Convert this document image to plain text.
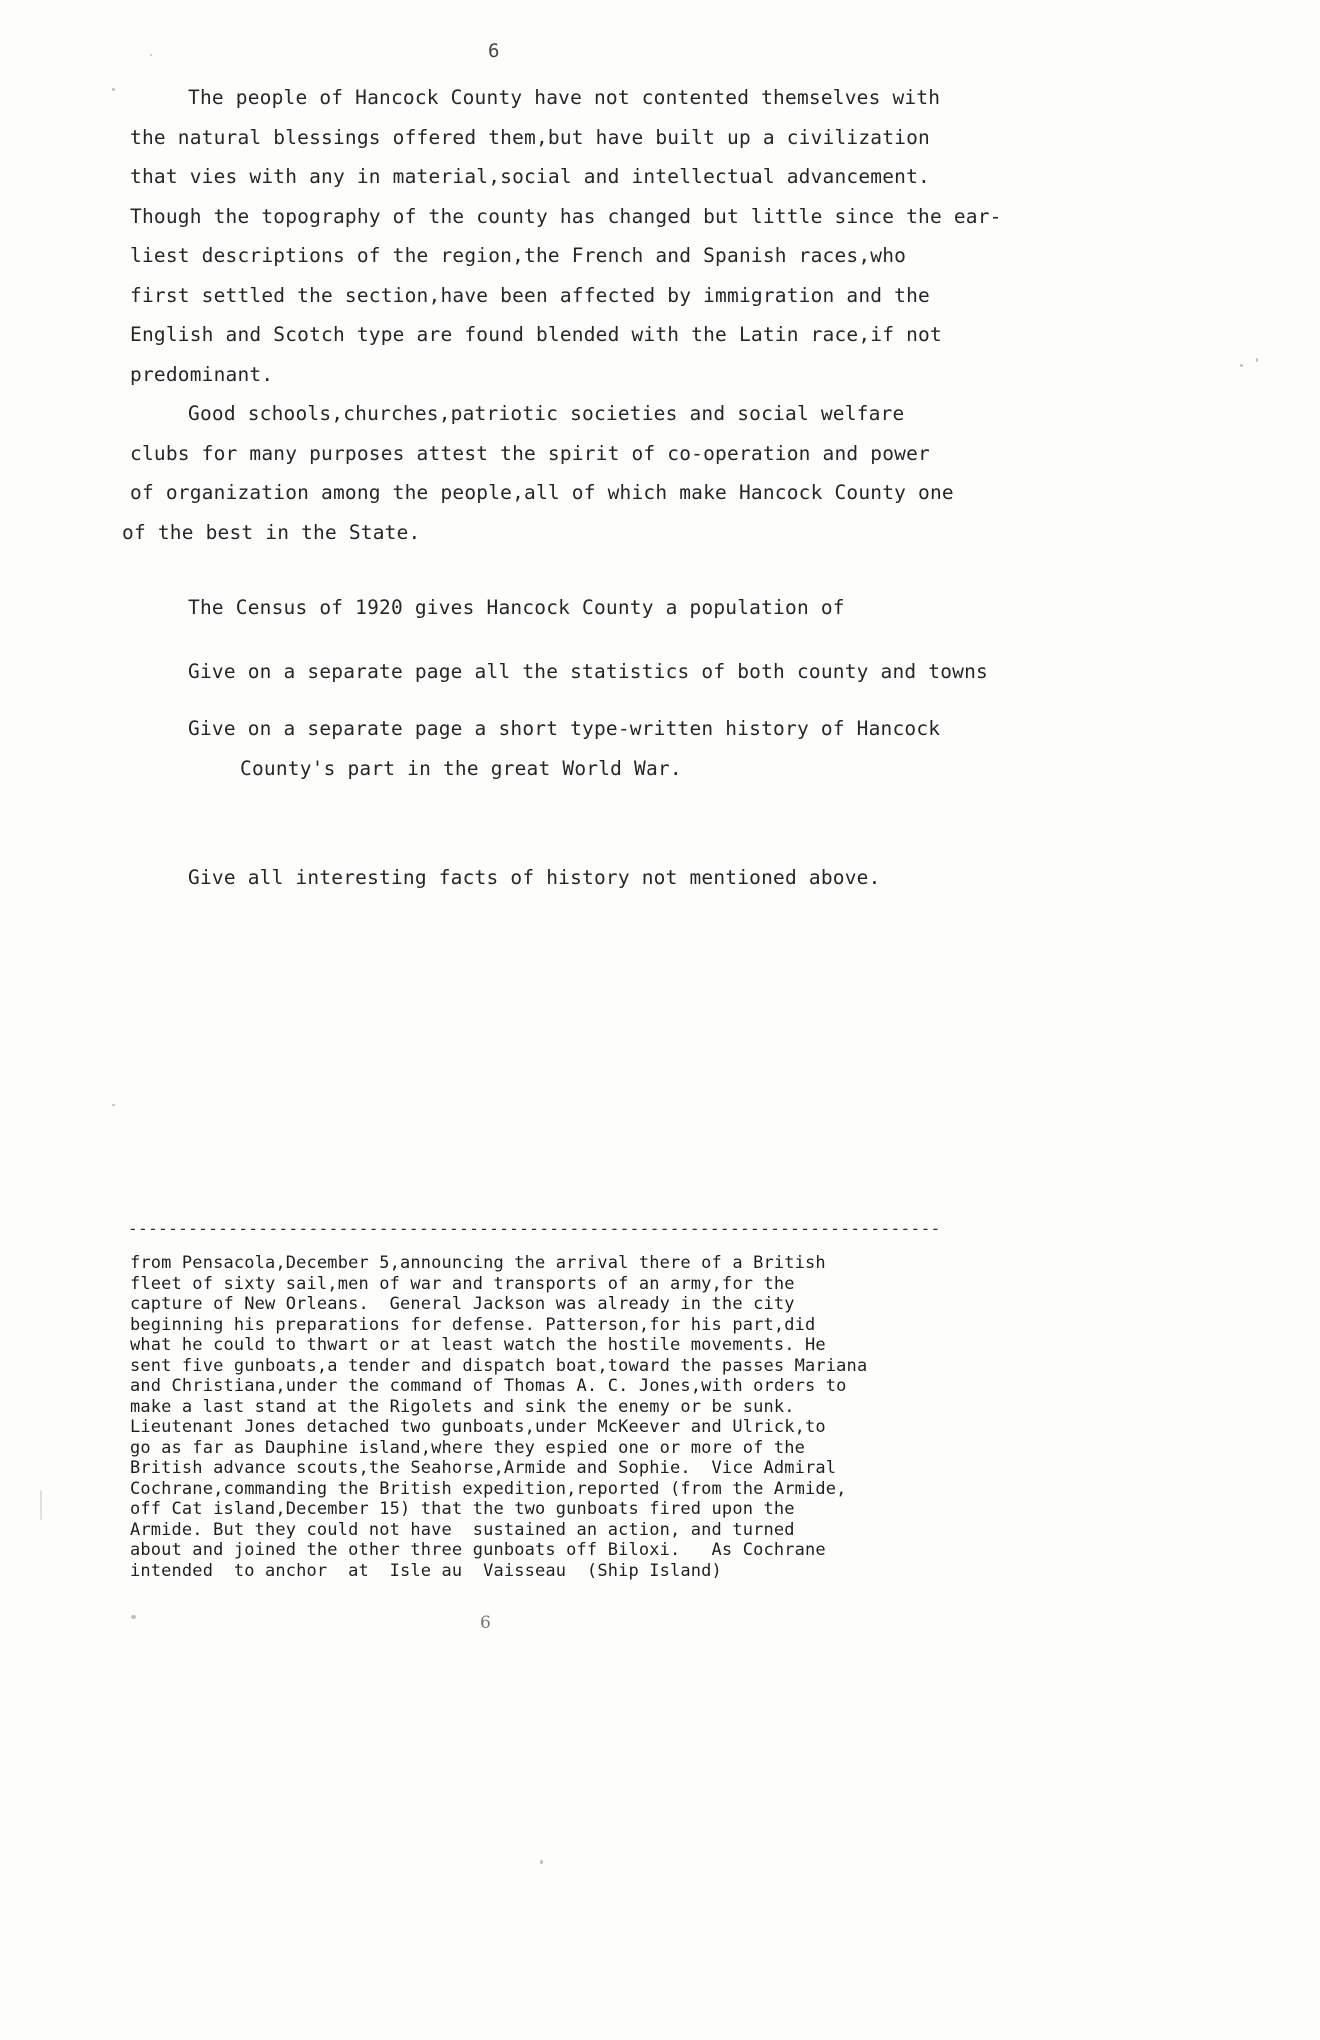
6
The people of Hancock County have not contented themselves with
the natural blessings offered them,but have built up a civilization
that vies with any in material,social and intellectual advancement.
Though the topography of the county has changed but little since the ear-
liest descriptions of the region,the French and Spanish races,who
first settled the section,have been affected by immigration and the
English and Scotch type are found blended with the Latin race,if not
predominant.
Good schools,churches,patriotic societies and social welfare
clubs for many purposes attest the spirit of co-operation and power
of organization among the people,all of which make Hancock County one
of the best in the State.
The Census of 1920 gives Hancock County a population of
Give on a separate page all the statistics of both county and towns
Give on a separate page a short type-written history of Hancock
County's part in the great World War.
Give all interesting facts of history not mentioned above.
---------------------------------------------------------------------------------
from Pensacola,December 5,announcing the arrival there of a British
fleet of sixty sail,men of war and transports of an army,for the
capture of New Orleans.  General Jackson was already in the city
beginning his preparations for defense. Patterson,for his part,did
what he could to thwart or at least watch the hostile movements. He
sent five gunboats,a tender and dispatch boat,toward the passes Mariana
and Christiana,under the command of Thomas A. C. Jones,with orders to
make a last stand at the Rigolets and sink the enemy or be sunk.
Lieutenant Jones detached two gunboats,under McKeever and Ulrick,to
go as far as Dauphine island,where they espied one or more of the
British advance scouts,the Seahorse,Armide and Sophie.  Vice Admiral
Cochrane,commanding the British expedition,reported (from the Armide,
off Cat island,December 15) that the two gunboats fired upon the
Armide. But they could not have  sustained an action, and turned
about and joined the other three gunboats off Biloxi.   As Cochrane
intended  to anchor  at  Isle au  Vaisseau  (Ship Island)
6
